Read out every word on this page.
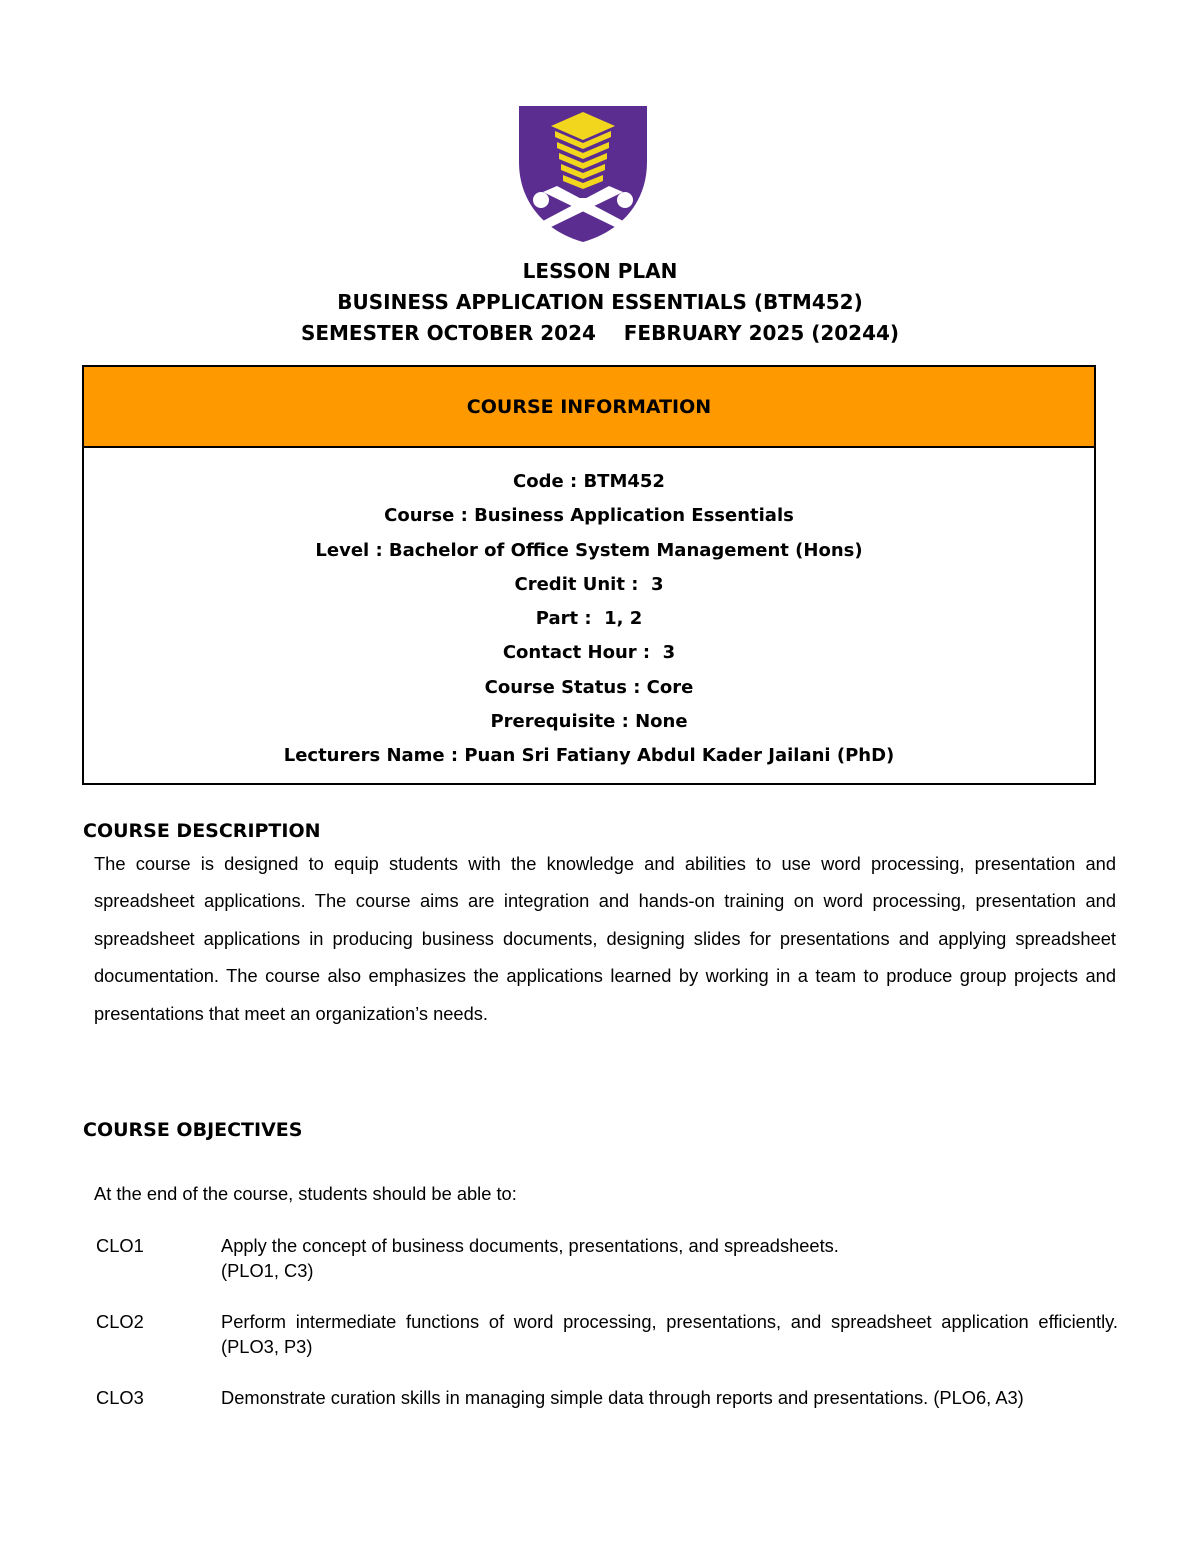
LESSON PLAN
BUSINESS APPLICATION ESSENTIALS (BTM452)
SEMESTER OCTOBER 2024    FEBRUARY 2025 (20244)
COURSE INFORMATION
Code : BTM452
Course : Business Application Essentials
Level : Bachelor of Office System Management (Hons)
Credit Unit :  3
Part :  1, 2
Contact Hour :  3
Course Status : Core
Prerequisite : None
Lecturers Name : Puan Sri Fatiany Abdul Kader Jailani (PhD)
COURSE DESCRIPTION
The course is designed to equip students with the knowledge and abilities to use word processing, presentation and spreadsheet applications. The course aims are integration and hands-on training on word processing, presentation and spreadsheet applications in producing business documents, designing slides for presentations and applying spreadsheet documentation. The course also emphasizes the applications learned by working in a team to produce group projects and presentations that meet an organization’s needs.
COURSE OBJECTIVES
At the end of the course, students should be able to:
CLO1	Apply the concept of business documents, presentations, and spreadsheets.
(PLO1, C3)
CLO2	Perform intermediate functions of word processing, presentations, and spreadsheet application efficiently. (PLO3, P3)
CLO3	Demonstrate curation skills in managing simple data through reports and presentations. (PLO6, A3)
